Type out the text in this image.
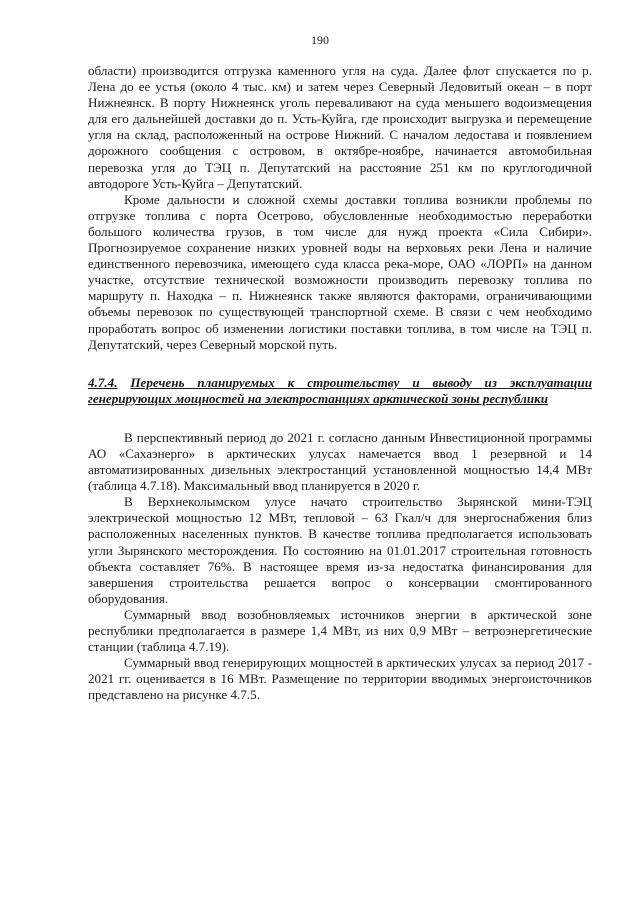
190

области) производится отгрузка каменного угля на суда. Далее флот спускается по р. Лена до ее устья (около 4 тыс. км) и затем через Северный Ледовитый океан – в порт Нижнеянск. В порту Нижнеянск уголь переваливают на суда меньшего водоизмещения для его дальнейшей доставки до п. Усть-Куйга, где происходит выгрузка и перемещение угля на склад, расположенный на острове Нижний. С началом ледостава и появлением дорожного сообщения с островом, в октябре-ноябре, начинается автомобильная перевозка угля до ТЭЦ п. Депутатский на расстояние 251 км по круглогодичной автодороге Усть-Куйга – Депутатский.

Кроме дальности и сложной схемы доставки топлива возникли проблемы по отгрузке топлива с порта Осетрово, обусловленные необходимостью переработки большого количества грузов, в том числе для нужд проекта «Сила Сибири». Прогнозируемое сохранение низких уровней воды на верховьях реки Лена и наличие единственного перевозчика, имеющего суда класса река-море, ОАО «ЛОРП» на данном участке, отсутствие технической возможности производить перевозку топлива по маршруту п. Находка – п. Нижнеянск также являются факторами, ограничивающими объемы перевозок по существующей транспортной схеме. В связи с чем необходимо проработать вопрос об изменении логистики поставки топлива, в том числе на ТЭЦ п. Депутатский, через Северный морской путь.

4.7.4. Перечень планируемых к строительству и выводу из эксплуатации генерирующих мощностей на электростанциях арктической зоны республики

В перспективный период до 2021 г. согласно данным Инвестиционной программы АО «Сахаэнерго» в арктических улусах намечается ввод 1 резервной и 14 автоматизированных дизельных электростанций установленной мощностью 14,4 МВт (таблица 4.7.18). Максимальный ввод планируется в 2020 г.

В Верхнеколымском улусе начато строительство Зырянской мини-ТЭЦ электрической мощностью 12 МВт, тепловой – 63 Гкал/ч для энергоснабжения близ расположенных населенных пунктов. В качестве топлива предполагается использовать угли Зырянского месторождения. По состоянию на 01.01.2017 строительная готовность объекта составляет 76%. В настоящее время из-за недостатка финансирования для завершения строительства решается вопрос о консервации смонтированного оборудования.

Суммарный ввод возобновляемых источников энергии в арктической зоне республики предполагается в размере 1,4 МВт, из них 0,9 МВт – ветроэнергетические станции (таблица 4.7.19).

Суммарный ввод генерирующих мощностей в арктических улусах за период 2017 - 2021 гг. оценивается в 16 МВт. Размещение по территории вводимых энергоисточников представлено на рисунке 4.7.5.
